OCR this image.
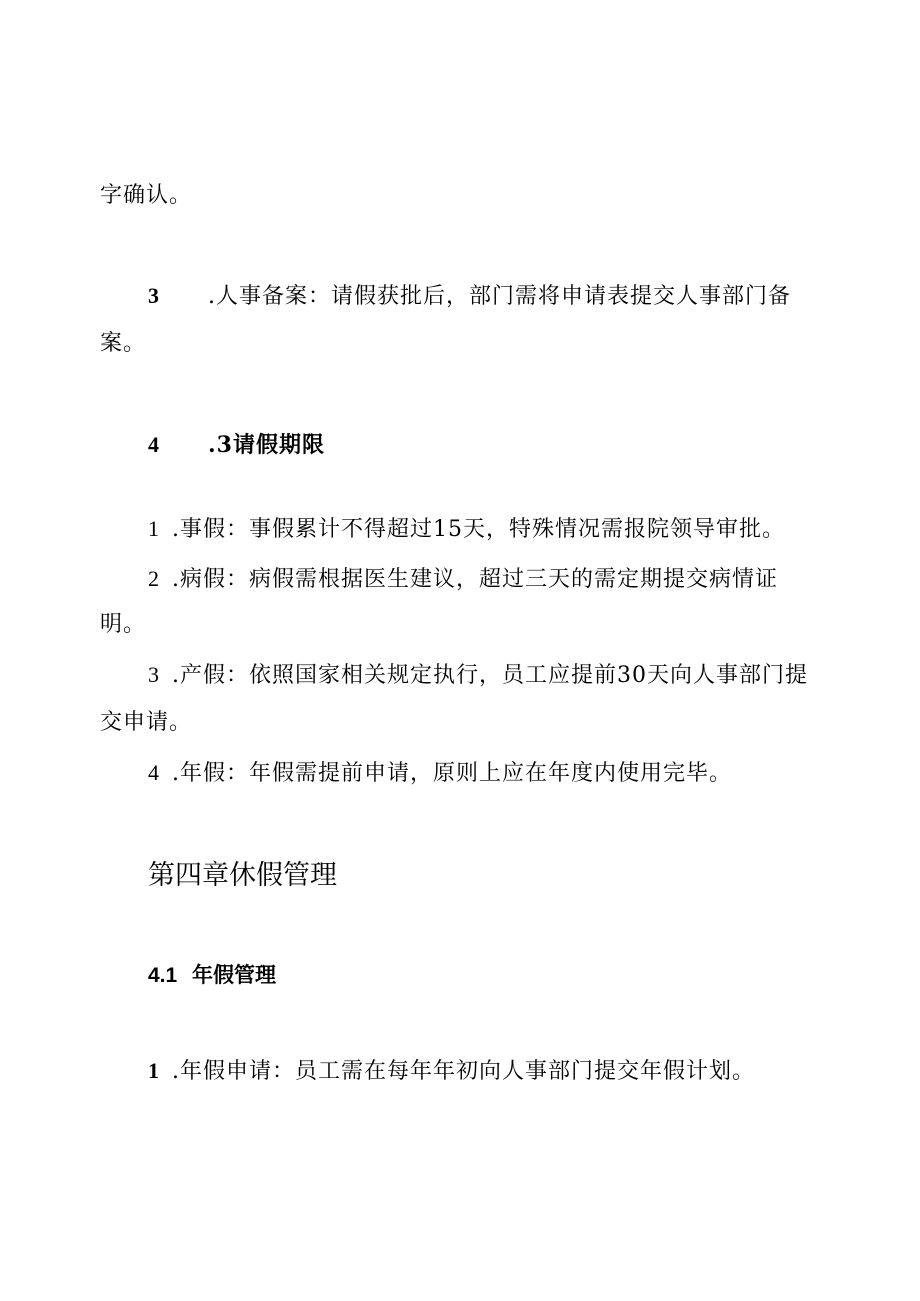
字确认。
3 .人事备案：请假获批后，部门需将申请表提交人事部门备
案。
4 .3请假期限
1 .事假：事假累计不得超过15天，特殊情况需报院领导审批。
2 .病假：病假需根据医生建议，超过三天的需定期提交病情证
明。
3 .产假：依照国家相关规定执行，员工应提前30天向人事部门提
交申请。
4 .年假：年假需提前申请，原则上应在年度内使用完毕。
第四章休假管理
4.1 年假管理
1 .年假申请：员工需在每年年初向人事部门提交年假计划。
